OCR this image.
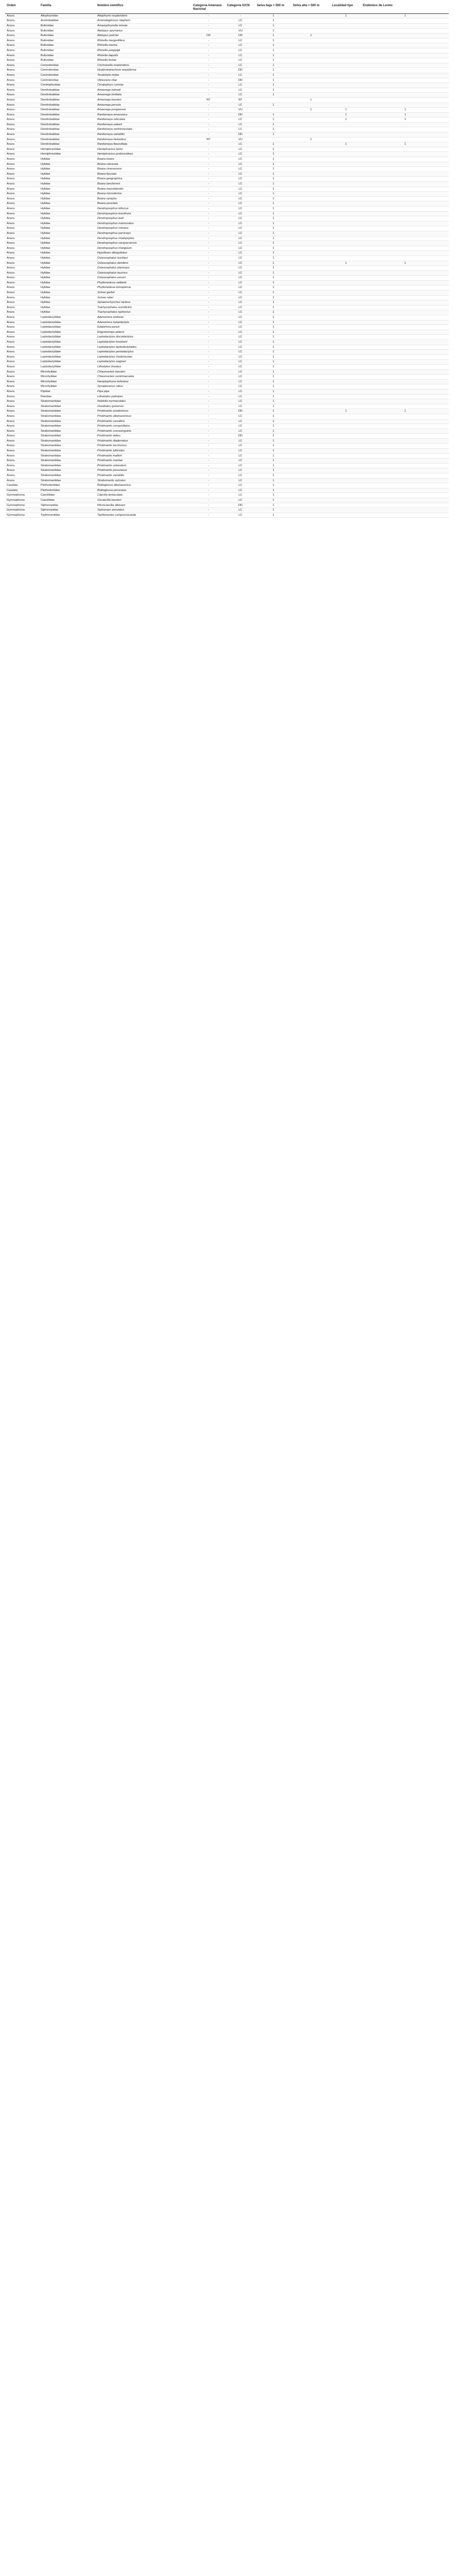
Orden	Familia	Nombre científico	Categoría Amenaza Nacional	Categoría IUCN	Selva baja < 500 m	Selva alta > 500 m	Localidad tipo	Endémico de Loreto
Anura	Allophrynidae	Allophryne resplendens	-	-	1		1	1
Anura	Aromobatidae	Anomaloglossus stepheni	-	LC	1			
Anura	Bufonidae	Amazophrynella minuta	-	LC	1			
Anura	Bufonidae	Atelopus spumarius	-	VU	1			
Anura	Bufonidae	Atelopus pulcher	CR	CR	1	1		
Anura	Bufonidae	Rhinella margaritifera	-	LC	1			
Anura	Bufonidae	Rhinella marina	-	LC	1			
Anura	Bufonidae	Rhinella poeppigii	-	LC	1			
Anura	Bufonidae	Rhinella dapsilis	-	LC	1			
Anura	Bufonidae	Rhinella festae	-	LC	1			
Anura	Centrolenidae	Cochranella resplendens	-	LC	1			
Anura	Centrolenidae	Hyalinobatrachium iaspidiense	-	DD	1			
Anura	Centrolenidae	Teratohyla midas	-	LC	1			
Anura	Centrolenidae	Vitreorana ritae	-	DD	1			
Anura	Ceratophryidae	Ceratophrys cornuta	-	LC	1			
Anura	Dendrobatidae	Ameerega hahneli	-	LC	1			
Anura	Dendrobatidae	Ameerega trivittata	-	LC	1			
Anura	Dendrobatidae	Ameerega bassleri	NT	NT		1		
Anura	Dendrobatidae	Ameerega parvula	-	LC	1			
Anura	Dendrobatidae	Ameerega pongoensis	-	VU		1	1	1
Anura	Dendrobatidae	Ranitomeya amazonica	-	DD	1		1	1
Anura	Dendrobatidae	Ranitomeya reticulata	-	LC	1		1	1
Anura	Dendrobatidae	Ranitomeya uakarii	-	LC	1			
Anura	Dendrobatidae	Ranitomeya ventrimaculata	-	LC	1			
Anura	Dendrobatidae	Ranitomeya variabilis	-	DD	1			
Anura	Dendrobatidae	Ranitomeya fantastica	NT	VU		1		
Anura	Dendrobatidae	Ranitomeya flavovittata	-	LC	1		1	1
Anura	Hemiphractidae	Hemiphractus helioi	-	LC	1			
Anura	Hemiphractidae	Hemiphractus proboscideus	-	LC	1			
Anura	Hylidae	Boana boans	-	LC	1			
Anura	Hylidae	Boana calcarata	-	LC	1			
Anura	Hylidae	Boana cinerascens	-	LC	1			
Anura	Hylidae	Boana fasciata	-	LC	1			
Anura	Hylidae	Boana geographica	-	LC	1			
Anura	Hylidae	Boana lanciformis	-	LC	1			
Anura	Hylidae	Boana maculateralis	-	LC	1			
Anura	Hylidae	Boana microderma	-	LC	1			
Anura	Hylidae	Boana nympha	-	LC	1			
Anura	Hylidae	Boana punctata	-	LC	1			
Anura	Hylidae	Dendropsophus bifurcus	-	LC	1			
Anura	Hylidae	Dendropsophus brevifrons	-	LC	1			
Anura	Hylidae	Dendropsophus leali	-	LC	1			
Anura	Hylidae	Dendropsophus marmoratus	-	LC	1			
Anura	Hylidae	Dendropsophus minutus	-	LC	1			
Anura	Hylidae	Dendropsophus parviceps	-	LC	1			
Anura	Hylidae	Dendropsophus rhodopeplus	-	LC	1			
Anura	Hylidae	Dendropsophus sarayacuensis	-	LC	1			
Anura	Hylidae	Dendropsophus triangulum	-	LC	1			
Anura	Hylidae	Hypsiboas alboguttatus	-	LC	1			
Anura	Hylidae	Osteocephalus buckleyi	-	LC	1			
Anura	Hylidae	Osteocephalus deridens	-	LC	1		1	1
Anura	Hylidae	Osteocephalus planiceps	-	LC	1			
Anura	Hylidae	Osteocephalus taurinus	-	LC	1			
Anura	Hylidae	Osteocephalus yasuni	-	LC	1			
Anura	Hylidae	Phyllomedusa vaillantii	-	LC	1			
Anura	Hylidae	Phyllomedusa tomopterna	-	LC	1			
Anura	Hylidae	Scinax garbei	-	LC	1			
Anura	Hylidae	Scinax ruber	-	LC	1			
Anura	Hylidae	Sphaenorhynchus lacteus	-	LC	1			
Anura	Hylidae	Trachycephalus resinifictrix	-	LC	1			
Anura	Hylidae	Trachycephalus typhonius	-	LC	1			
Anura	Leptodactylidae	Adenomera andreae	-	LC	1			
Anura	Leptodactylidae	Adenomera hylaedactyla	-	LC	1			
Anura	Leptodactylidae	Edalorhina perezi	-	LC	1			
Anura	Leptodactylidae	Engystomops petersi	-	LC	1			
Anura	Leptodactylidae	Leptodactylus discodactylus	-	LC	1			
Anura	Leptodactylidae	Leptodactylus knudseni	-	LC	1			
Anura	Leptodactylidae	Leptodactylus leptodactyloides	-	LC	1			
Anura	Leptodactylidae	Leptodactylus pentadactylus	-	LC	1			
Anura	Leptodactylidae	Leptodactylus rhodomystax	-	LC	1			
Anura	Leptodactylidae	Leptodactylus wagneri	-	LC	1			
Anura	Leptodactylidae	Lithodytes lineatus	-	LC	1			
Anura	Microhylidae	Chiasmocleis bassleri	-	LC	1			
Anura	Microhylidae	Chiasmocleis ventrimaculata	-	LC	1			
Anura	Microhylidae	Hamptophryne boliviana	-	LC	1			
Anura	Microhylidae	Synapturanus rabus	-	LC	1			
Anura	Pipidae	Pipa pipa	-	LC	1			
Anura	Ranidae	Lithobates palmipes	-	LC	1			
Anura	Strabomantidae	Noblella myrmecoides	-	LC	1			
Anura	Strabomantidae	Oreobates quixensis	-	LC	1			
Anura	Strabomantidae	Pristimantis academicus	-	DD	1		1	1
Anura	Strabomantidae	Pristimantis altamazonicus	-	LC	1			
Anura	Strabomantidae	Pristimantis carvalhoi	-	LC	1			
Anura	Strabomantidae	Pristimantis conspicillatus	-	LC	1			
Anura	Strabomantidae	Pristimantis croceoinguinis	-	LC	1			
Anura	Strabomantidae	Pristimantis delius	-	DD	1			
Anura	Strabomantidae	Pristimantis diadematus	-	LC	1			
Anura	Strabomantidae	Pristimantis lacrimosus	-	LC	1			
Anura	Strabomantidae	Pristimantis lythrodes	-	LC	1			
Anura	Strabomantidae	Pristimantis malkini	-	LC	1			
Anura	Strabomantidae	Pristimantis martiae	-	LC	1			
Anura	Strabomantidae	Pristimantis ockendeni	-	LC	1			
Anura	Strabomantidae	Pristimantis peruvianus	-	LC	1			
Anura	Strabomantidae	Pristimantis variabilis	-	LC	1			
Anura	Strabomantidae	Strabomantis sulcatus	-	LC	1			
Caudata	Plethodontidae	Bolitoglossa altamazonica	-	LC	1			
Caudata	Plethodontidae	Bolitoglossa peruviana	-	LC	1			
Gymnophiona	Caeciliidae	Caecilia tentaculata	-	LC	1			
Gymnophiona	Caeciliidae	Oscaecilia bassleri	-	LC	1			
Gymnophiona	Siphonopidae	Microcaecilia albiceps	-	DD	1			
Gymnophiona	Siphonopidae	Siphonops annulatus	-	LC	1			
Gymnophiona	Typhlonectidae	Typhlonectes compressicauda	-	LC	1			
